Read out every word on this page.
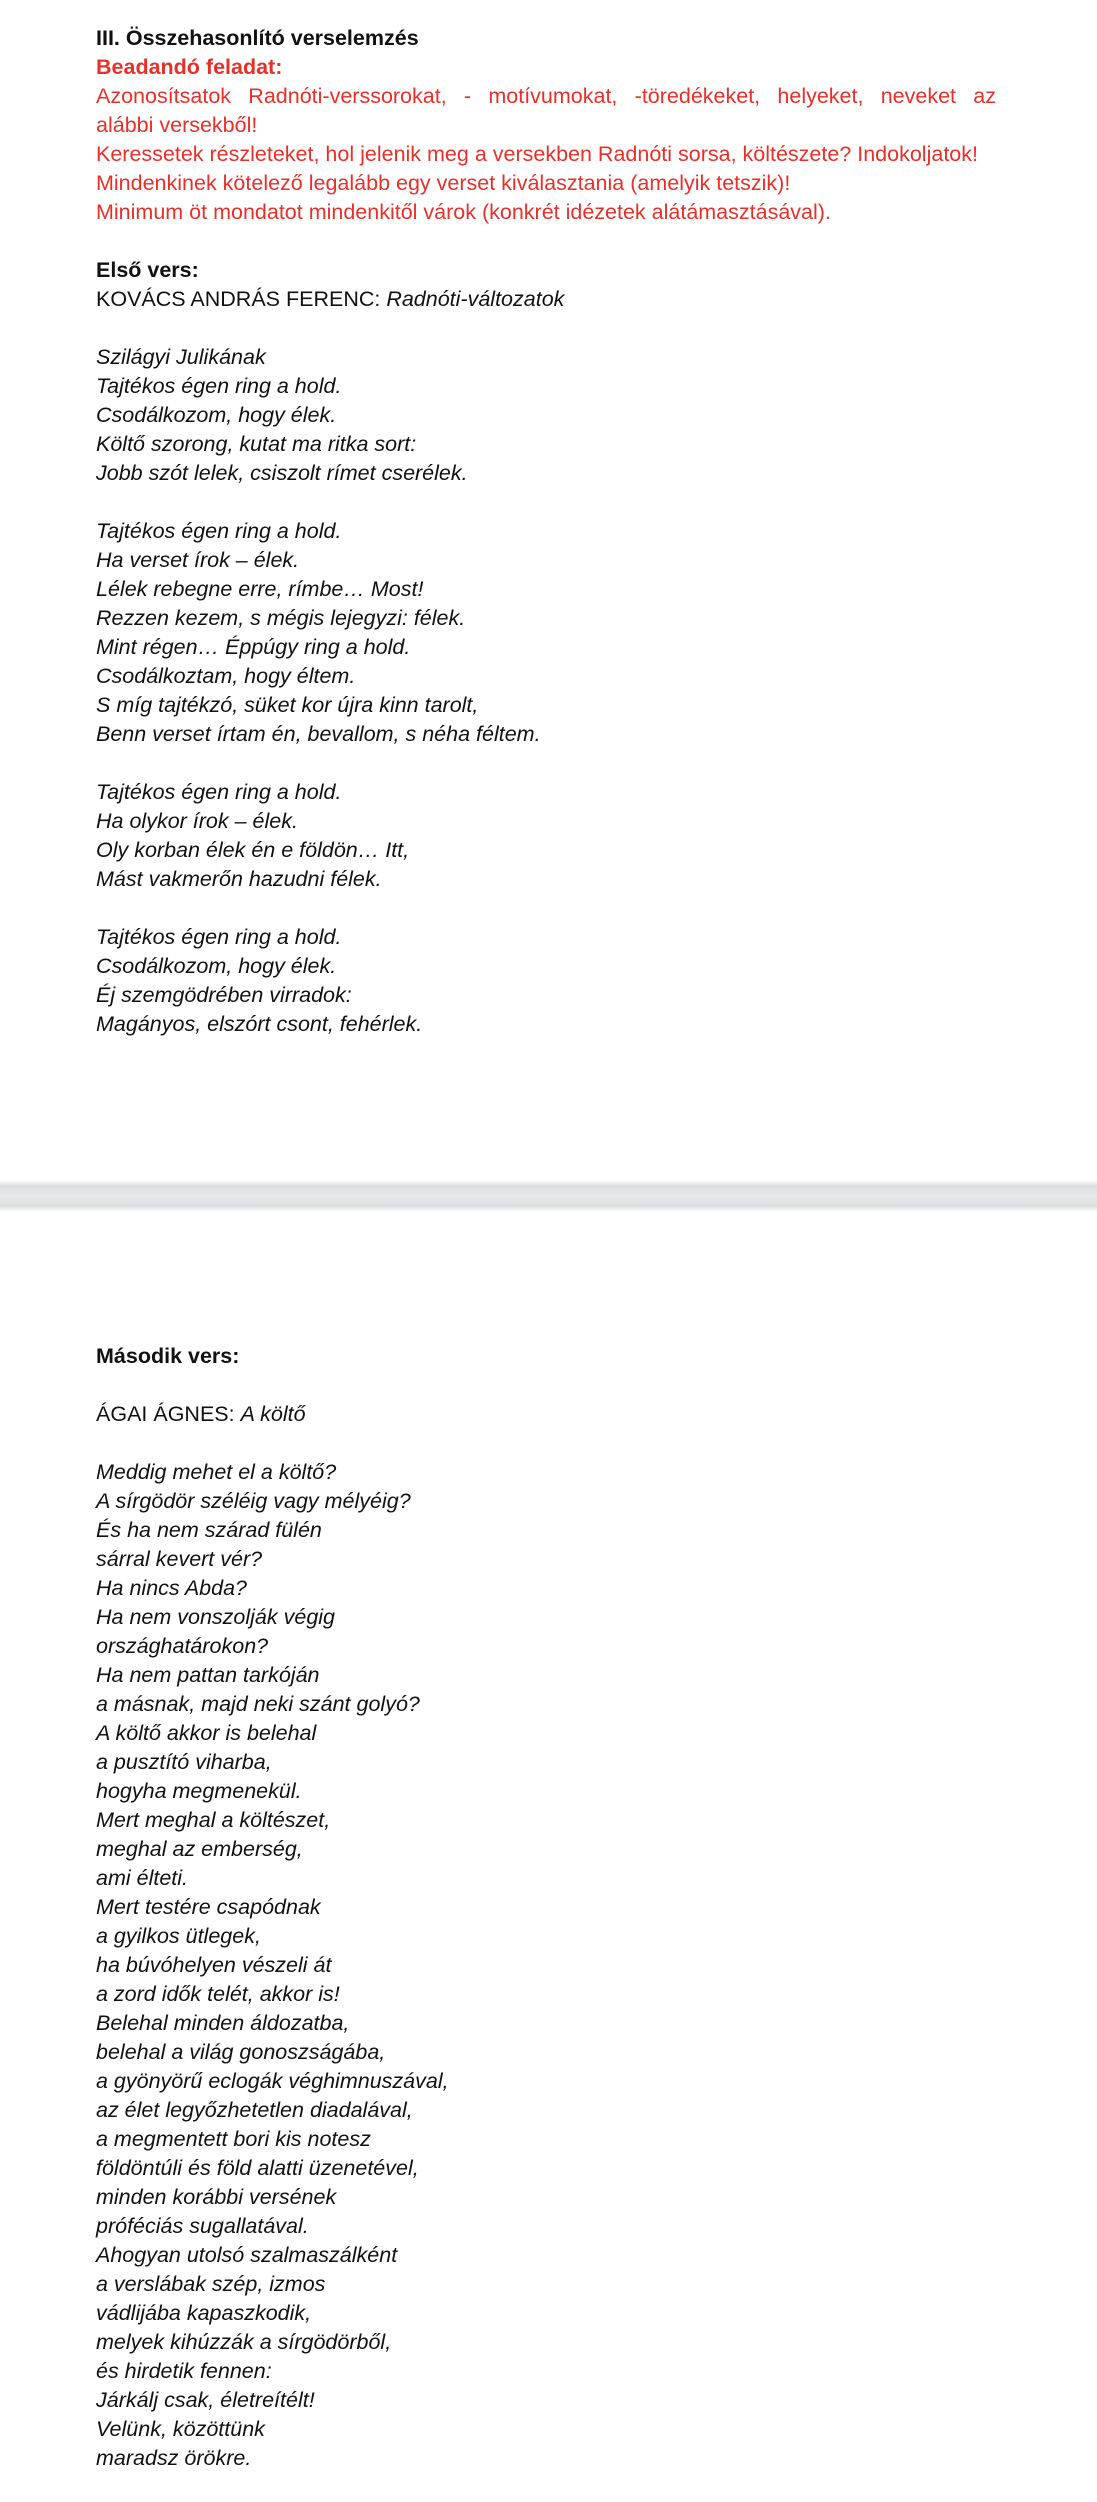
III. Összehasonlító verselemzés
Beadandó feladat:
Azonosítsatok Radnóti-verssorokat, - motívumokat, -töredékeket, helyeket, neveket az
alábbi versekből!
Keressetek részleteket, hol jelenik meg a versekben Radnóti sorsa, költészete? Indokoljatok!
Mindenkinek kötelező legalább egy verset kiválasztania (amelyik tetszik)!
Minimum öt mondatot mindenkitől várok (konkrét idézetek alátámasztásával).
Első vers:
KOVÁCS ANDRÁS FERENC: Radnóti-változatok
Szilágyi Julikának
Tajtékos égen ring a hold.
Csodálkozom, hogy élek.
Költő szorong, kutat ma ritka sort:
Jobb szót lelek, csiszolt rímet cserélek.
Tajtékos égen ring a hold.
Ha verset írok – élek.
Lélek rebegne erre, rímbe… Most!
Rezzen kezem, s mégis lejegyzi: félek.
Mint régen… Éppúgy ring a hold.
Csodálkoztam, hogy éltem.
S míg tajtékzó, süket kor újra kinn tarolt,
Benn verset írtam én, bevallom, s néha féltem.
Tajtékos égen ring a hold.
Ha olykor írok – élek.
Oly korban élek én e földön… Itt,
Mást vakmerőn hazudni félek.
Tajtékos égen ring a hold.
Csodálkozom, hogy élek.
Éj szemgödrében virradok:
Magányos, elszórt csont, fehérlek.
Második vers:
ÁGAI ÁGNES: A költő
Meddig mehet el a költő?
A sírgödör széléig vagy mélyéig?
És ha nem szárad fülén
sárral kevert vér?
Ha nincs Abda?
Ha nem vonszolják végig
országhatárokon?
Ha nem pattan tarkóján
a másnak, majd neki szánt golyó?
A költő akkor is belehal
a pusztító viharba,
hogyha megmenekül.
Mert meghal a költészet,
meghal az emberség,
ami élteti.
Mert testére csapódnak
a gyilkos ütlegek,
ha búvóhelyen vészeli át
a zord idők telét, akkor is!
Belehal minden áldozatba,
belehal a világ gonoszságába,
a gyönyörű eclogák véghimnuszával,
az élet legyőzhetetlen diadalával,
a megmentett bori kis notesz
földöntúli és föld alatti üzenetével,
minden korábbi versének
próféciás sugallatával.
Ahogyan utolsó szalmaszálként
a verslábak szép, izmos
vádlijába kapaszkodik,
melyek kihúzzák a sírgödörből,
és hirdetik fennen:
Járkálj csak, életreítélt!
Velünk, közöttünk
maradsz örökre.
